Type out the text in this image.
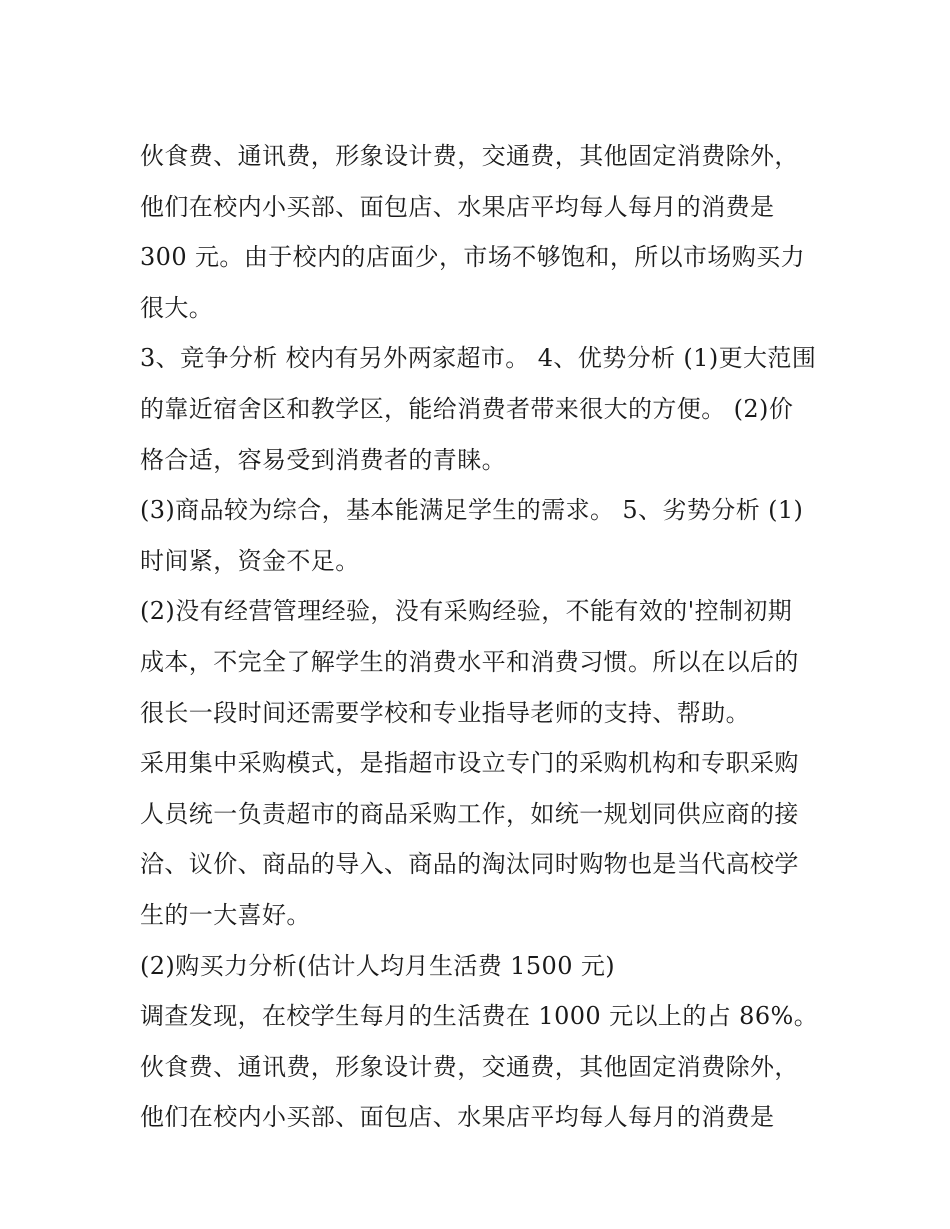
伙食费、通讯费，形象设计费，交通费，其他固定消费除外，
他们在校内小买部、面包店、水果店平均每人每月的消费是
300 元。由于校内的店面少，市场不够饱和，所以市场购买力
很大。
3、竞争分析 校内有另外两家超市。 4、优势分析 (1)更大范围
的靠近宿舍区和教学区，能给消费者带来很大的方便。 (2)价
格合适，容易受到消费者的青睐。
(3)商品较为综合，基本能满足学生的需求。 5、劣势分析 (1)
时间紧，资金不足。
(2)没有经营管理经验，没有采购经验，不能有效的'控制初期
成本，不完全了解学生的消费水平和消费习惯。所以在以后的
很长一段时间还需要学校和专业指导老师的支持、帮助。
采用集中采购模式，是指超市设立专门的采购机构和专职采购
人员统一负责超市的商品采购工作，如统一规划同供应商的接
洽、议价、商品的导入、商品的淘汰同时购物也是当代高校学
生的一大喜好。
(2)购买力分析(估计人均月生活费 1500 元)
调查发现，在校学生每月的生活费在 1000 元以上的占 86%。
伙食费、通讯费，形象设计费，交通费，其他固定消费除外，
他们在校内小买部、面包店、水果店平均每人每月的消费是
